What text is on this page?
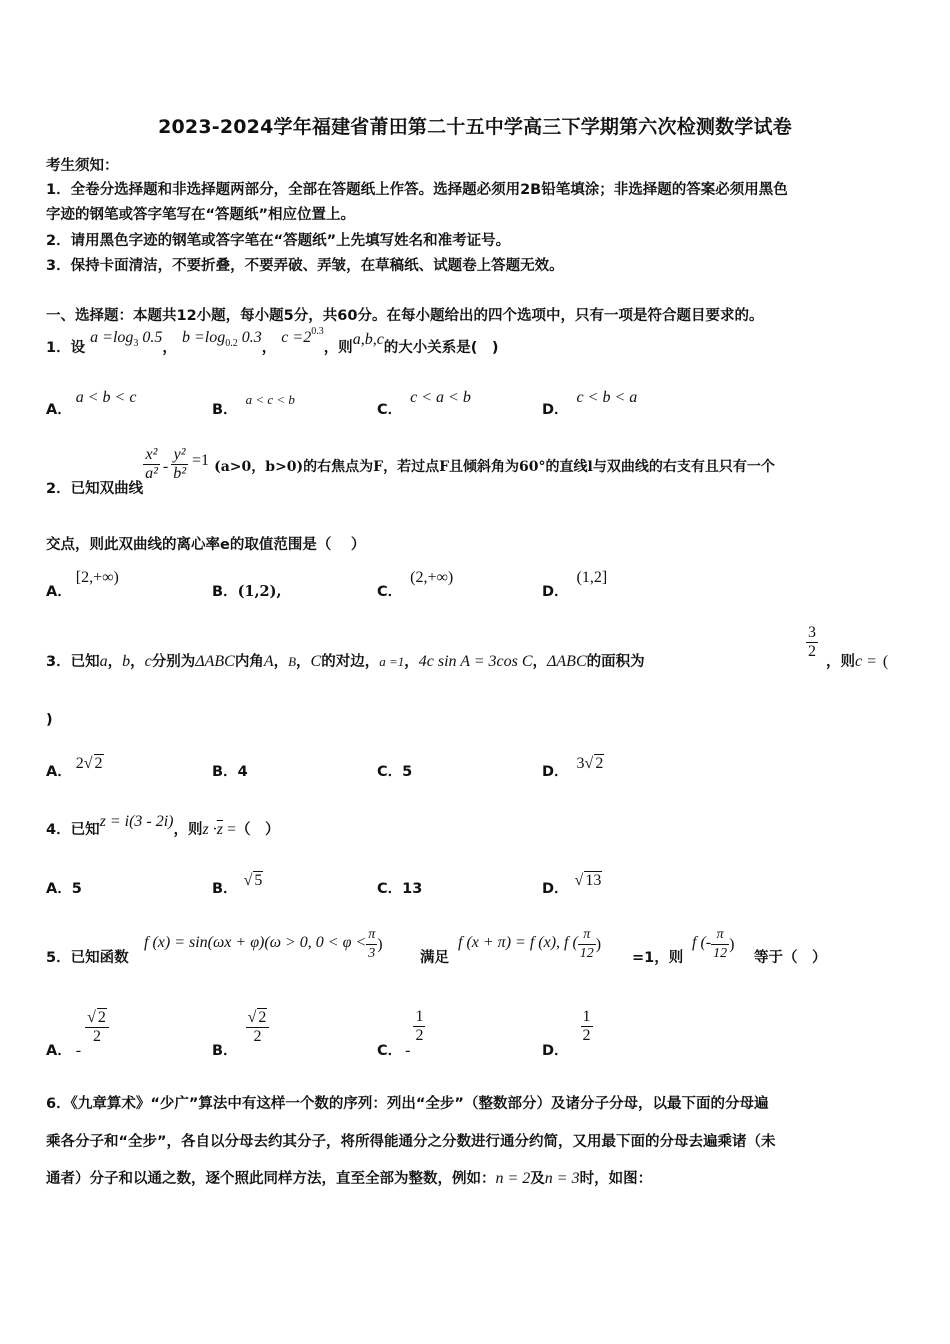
2023-2024学年福建省莆田第二十五中学高三下学期第六次检测数学试卷
考生须知：
1．全卷分选择题和非选择题两部分，全部在答题纸上作答。选择题必须用2B铅笔填涂；非选择题的答案必须用黑色
字迹的钢笔或答字笔写在“答题纸”相应位置上。
2．请用黑色字迹的钢笔或答字笔在“答题纸”上先填写姓名和准考证号。
3．保持卡面清洁，不要折叠，不要弄破、弄皱，在草稿纸、试题卷上答题无效。
一、选择题：本题共12小题，每小题5分，共60分。在每小题给出的四个选项中，只有一项是符合题目要求的。
1．设 $a =\log_3$ 0.5， $b =\log_{0.2}$ 0.3， $c =2^{0.3}$，则a,b,c的大小关系是(　)
A．a < b < c
B．a < c < b
C．c < a < b
D．c < b < a
2．已知双曲线
$\frac{\text{x²}}{\text{a²}} - \frac{\text{y²}}{\text{b²}} =1$ (a>0，b>0)的右焦点为F，若过点F且倾斜角为60°的直线l与双曲线的右支有且只有一个
交点，则此双曲线的离心率e的取值范围是（　 ）
A．[2,+∞)
B．(1,2),	C．(2,+∞)
D．(1,2]
3．已知a，b，c分别为ΔABC内角A，B，C的对边，a =1，4c sin A = 3cos C，ΔABC的面积为
$\frac{3}{2}$
，则c = (
)
A． 2√ 2	B．4	C．5	D． 3√ 2
4．已知z = i(3 - 2i)，则$z \cdot\overline{z}$ =（　）
A．5	B． √ 5	C．13	D． √ 13
5．已知函数
f (x) = sin(ωx + φ)(ω > 0, $0 < \varphi < \frac{\pi}{3}$ )
满足
f (x + π) = f (x), f ( $\frac{\pi}{12}$ )
=1，则
f (- $\frac{\pi}{12}$ )
等于（　）
A． -
$\frac{√ 2}{2}$
B．
$\frac{√ 2}{2}$
C． -
$\frac{1}{2}$
D．
$\frac{1}{2}$
6．《九章算术》“少广”算法中有这样一个数的序列：列出“全步”（整数部分）及诸分子分母，以最下面的分母遍
乘各分子和“全步”，各自以分母去约其分子，将所得能通分之分数进行通分约简，又用最下面的分母去遍乘诸（未
通者）分子和以通之数，逐个照此同样方法，直至全部为整数，例如：n = 2及n = 3时，如图：
